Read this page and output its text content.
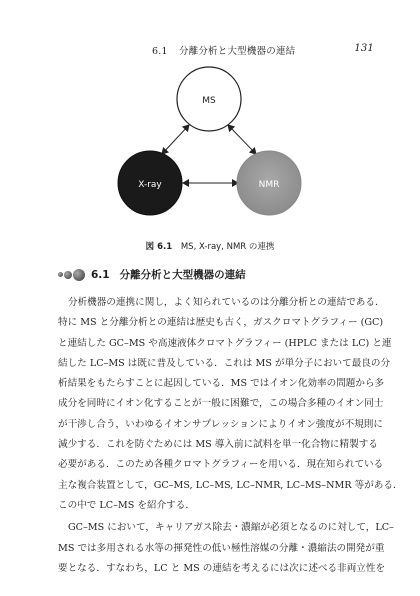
6.1 分離分析と大型機器の連結	131
MS
X-ray	NMR
図 6.1 MS, X-ray, NMR の連携
6.1 分離分析と大型機器の連結
分析機器の連携に関し，よく知られているのは分離分析との連結である．
特に MS と分離分析との連結は歴史も古く，ガスクロマトグラフィー (GC)
と連結した GC–MS や高速液体クロマトグラフィー (HPLC または LC) と連
結した LC–MS は既に普及している．これは MS が単分子において最良の分
析結果をもたらすことに起因している．MS ではイオン化効率の問題から多
成分を同時にイオン化することが一般に困難で，この場合多種のイオン同士
が干渉し合う，いわゆるイオンサプレッションによりイオン強度が不規則に
減少する．これを防ぐためには MS 導入前に試料を単一化合物に精製する
必要がある．このため各種クロマトグラフィーを用いる．現在知られている
主な複合装置として，GC–MS, LC–MS, LC–NMR, LC–MS–NMR 等がある．
この中で LC–MS を紹介する．
GC–MS において，キャリアガス除去・濃縮が必須となるのに対して，LC–
MS では多用される水等の揮発性の低い極性溶媒の分離・濃縮法の開発が重
要となる．すなわち，LC と MS の連結を考えるには次に述べる非両立性を
